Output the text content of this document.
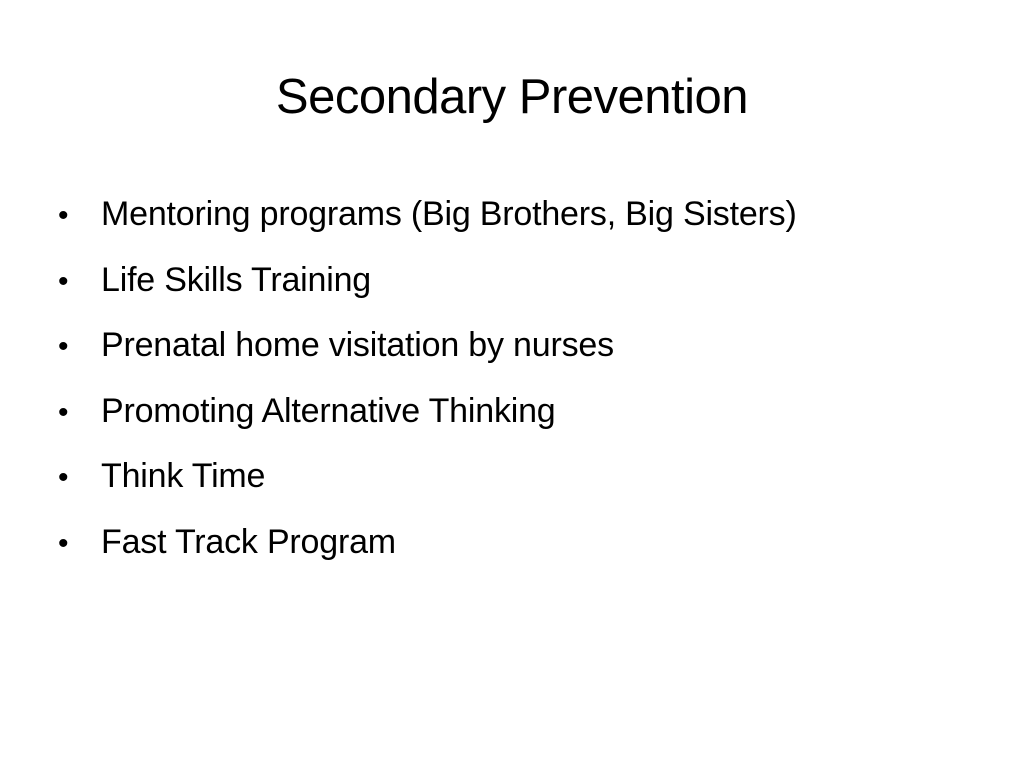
Secondary Prevention
• Mentoring programs (Big Brothers, Big Sisters)
• Life Skills Training
• Prenatal home visitation by nurses
• Promoting Alternative Thinking
• Think Time
• Fast Track Program
